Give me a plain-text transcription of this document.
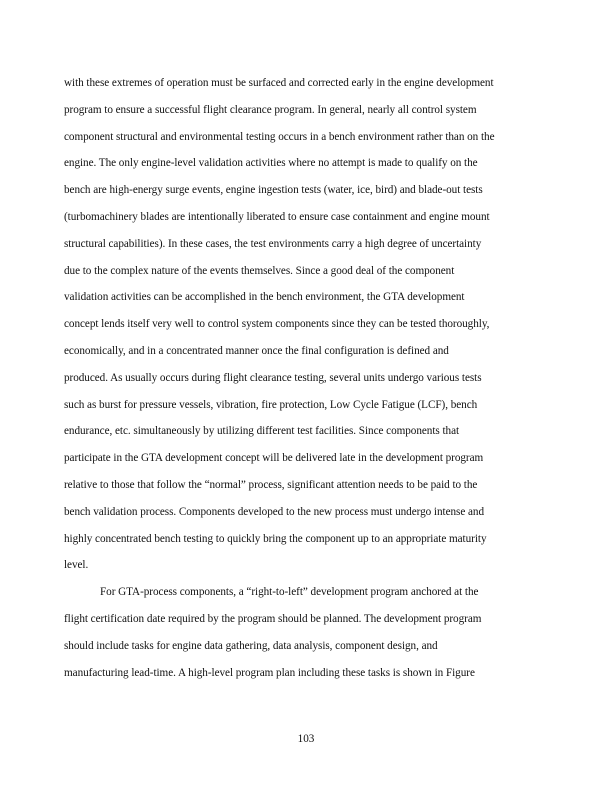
with these extremes of operation must be surfaced and corrected early in the engine development
program to ensure a successful flight clearance program. In general, nearly all control system
component structural and environmental testing occurs in a bench environment rather than on the
engine. The only engine-level validation activities where no attempt is made to qualify on the
bench are high-energy surge events, engine ingestion tests (water, ice, bird) and blade-out tests
(turbomachinery blades are intentionally liberated to ensure case containment and engine mount
structural capabilities). In these cases, the test environments carry a high degree of uncertainty
due to the complex nature of the events themselves. Since a good deal of the component
validation activities can be accomplished in the bench environment, the GTA development
concept lends itself very well to control system components since they can be tested thoroughly,
economically, and in a concentrated manner once the final configuration is defined and
produced. As usually occurs during flight clearance testing, several units undergo various tests
such as burst for pressure vessels, vibration, fire protection, Low Cycle Fatigue (LCF), bench
endurance, etc. simultaneously by utilizing different test facilities. Since components that
participate in the GTA development concept will be delivered late in the development program
relative to those that follow the “normal” process, significant attention needs to be paid to the
bench validation process. Components developed to the new process must undergo intense and
highly concentrated bench testing to quickly bring the component up to an appropriate maturity
level.
For GTA-process components, a “right-to-left” development program anchored at the
flight certification date required by the program should be planned. The development program
should include tasks for engine data gathering, data analysis, component design, and
manufacturing lead-time. A high-level program plan including these tasks is shown in Figure
103
